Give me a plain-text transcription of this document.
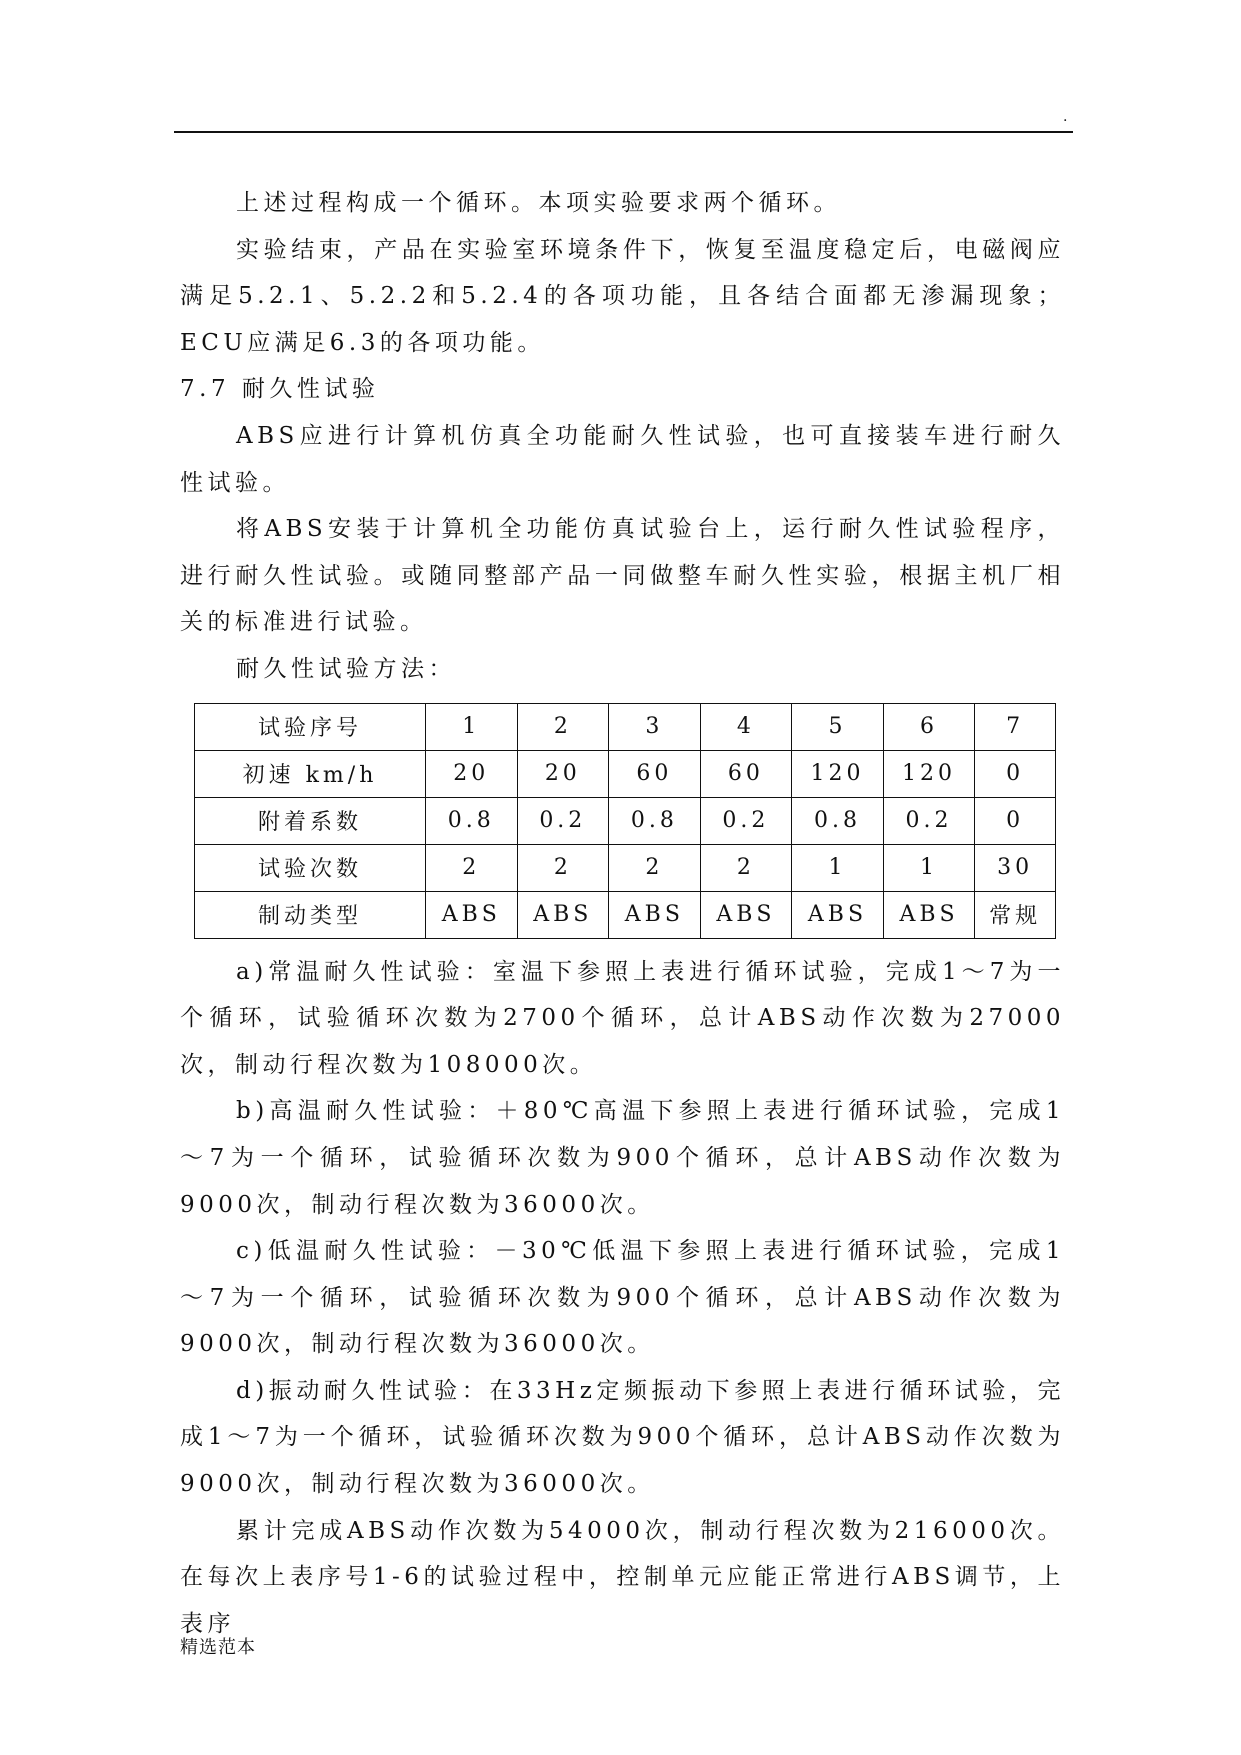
.

上述过程构成一个循环。本项实验要求两个循环。

实验结束，产品在实验室环境条件下，恢复至温度稳定后，电磁阀应满足5.2.1、5.2.2和5.2.4的各项功能，且各结合面都无渗漏现象；ECU应满足6.3的各项功能。

7.7 耐久性试验

ABS应进行计算机仿真全功能耐久性试验，也可直接装车进行耐久性试验。

将ABS安装于计算机全功能仿真试验台上，运行耐久性试验程序，进行耐久性试验。或随同整部产品一同做整车耐久性实验，根据主机厂相关的标准进行试验。

耐久性试验方法：

试验序号	1	2	3	4	5	6	7
初速 km/h	20	20	60	60	120	120	0
附着系数	0.8	0.2	0.8	0.2	0.8	0.2	0
试验次数	2	2	2	2	1	1	30
制动类型	ABS	ABS	ABS	ABS	ABS	ABS	常规

a)常温耐久性试验：室温下参照上表进行循环试验，完成1～7为一个循环，试验循环次数为2700个循环，总计ABS动作次数为27000次，制动行程次数为108000次。

b)高温耐久性试验：＋80℃高温下参照上表进行循环试验，完成1～7为一个循环，试验循环次数为900个循环，总计ABS动作次数为9000次，制动行程次数为36000次。

c)低温耐久性试验：－30℃低温下参照上表进行循环试验，完成1～7为一个循环，试验循环次数为900个循环，总计ABS动作次数为9000次，制动行程次数为36000次。

d)振动耐久性试验：在33Hz定频振动下参照上表进行循环试验，完成1～7为一个循环，试验循环次数为900个循环，总计ABS动作次数为9000次，制动行程次数为36000次。

累计完成ABS动作次数为54000次，制动行程次数为216000次。在每次上表序号1-6的试验过程中，控制单元应能正常进行ABS调节，上表序

精选范本
